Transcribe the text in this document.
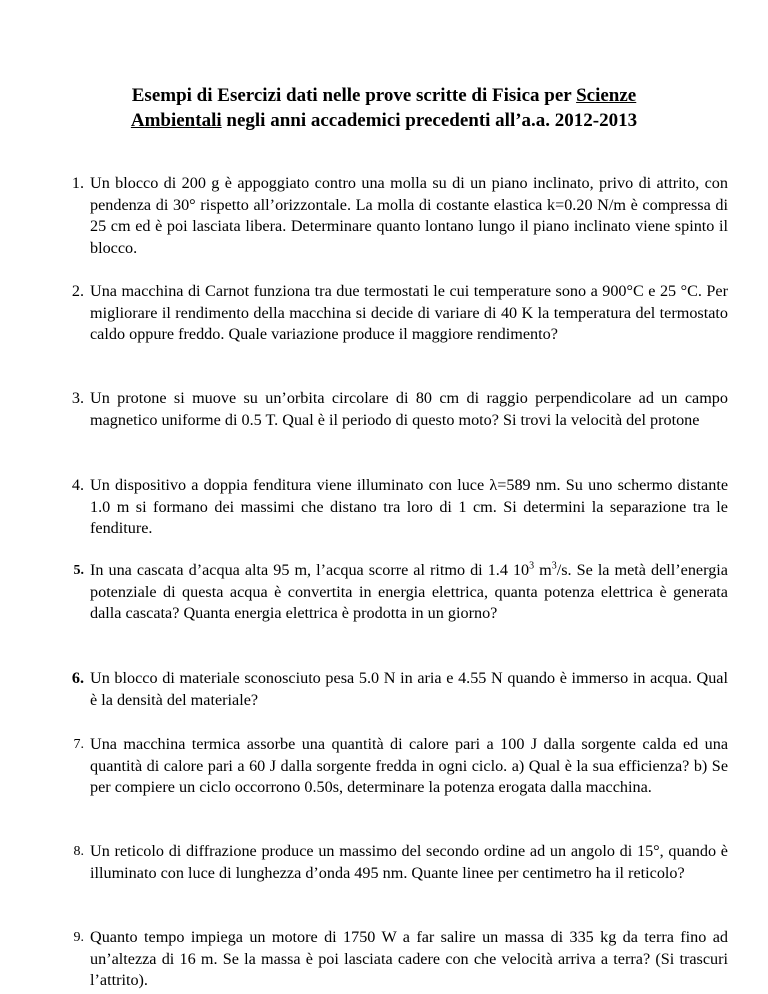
Esempi di Esercizi dati nelle prove scritte di Fisica per Scienze Ambientali negli anni accademici precedenti all’a.a. 2012-2013
1. Un blocco di 200 g è appoggiato contro una molla su di un piano inclinato, privo di attrito, con pendenza di 30° rispetto all’orizzontale. La molla di costante elastica k=0.20 N/m è compressa di 25 cm ed è poi lasciata libera. Determinare quanto lontano lungo il piano inclinato viene spinto il blocco.
2. Una macchina di Carnot funziona tra due termostati le cui temperature sono a 900°C e 25 °C. Per migliorare il rendimento della macchina si decide di variare di 40 K la temperatura del termostato caldo oppure freddo. Quale variazione produce il maggiore rendimento?
3. Un protone si muove su un’orbita circolare di 80 cm di raggio perpendicolare ad un campo magnetico uniforme di 0.5 T. Qual è il periodo di questo moto? Si trovi la velocità del protone
4. Un dispositivo a doppia fenditura viene illuminato con luce λ=589 nm. Su uno schermo distante 1.0 m si formano dei massimi che distano tra loro di 1 cm. Si determini la separazione tra le fenditure.
5. In una cascata d’acqua alta 95 m, l’acqua scorre al ritmo di 1.4 $10^3$ $m^3/s$. Se la metà dell’energia potenziale di questa acqua è convertita in energia elettrica, quanta potenza elettrica è generata dalla cascata? Quanta energia elettrica è prodotta in un giorno?
6. Un blocco di materiale sconosciuto pesa 5.0 N in aria e 4.55 N quando è immerso in acqua. Qual è la densità del materiale?
7. Una macchina termica assorbe una quantità di calore pari a 100 J dalla sorgente calda ed una quantità di calore pari a 60 J dalla sorgente fredda in ogni ciclo. a) Qual è la sua efficienza? b) Se per compiere un ciclo occorrono 0.50s, determinare la potenza erogata dalla macchina.
8. Un reticolo di diffrazione produce un massimo del secondo ordine ad un angolo di 15°, quando è illuminato con luce di lunghezza d’onda 495 nm. Quante linee per centimetro ha il reticolo?
9. Quanto tempo impiega un motore di 1750 W a far salire un massa di 335 kg da terra fino ad un’altezza di 16 m. Se la massa è poi lasciata cadere con che velocità arriva a terra? (Si trascuri l’attrito).
